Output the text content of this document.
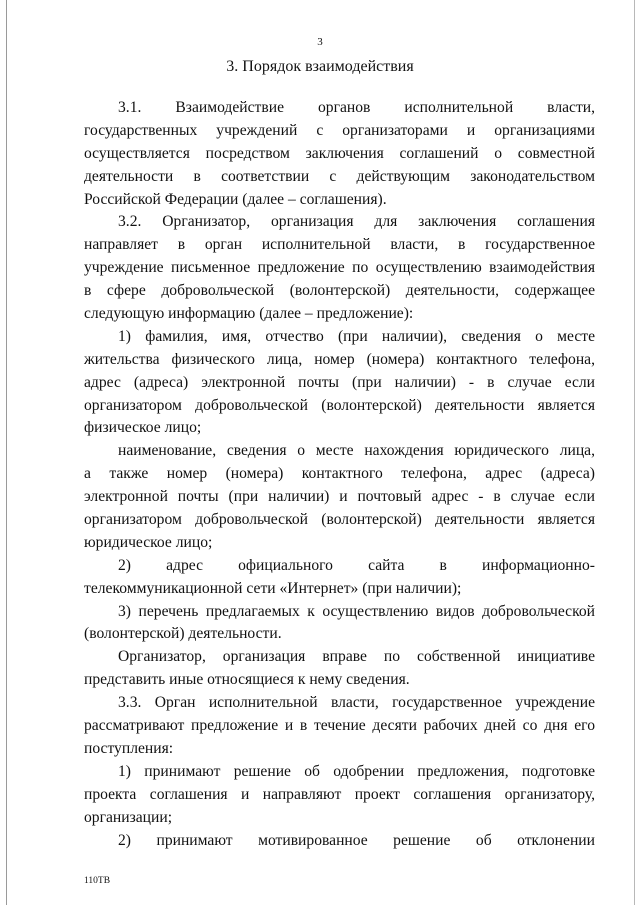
3
3. Порядок взаимодействия
3.1. Взаимодействие органов исполнительной власти,
государственных учреждений с организаторами и организациями
осуществляется посредством заключения соглашений о совместной
деятельности в соответствии с действующим законодательством
Российской Федерации (далее – соглашения).
3.2. Организатор, организация для заключения соглашения
направляет в орган исполнительной власти, в государственное
учреждение письменное предложение по осуществлению взаимодействия
в сфере добровольческой (волонтерской) деятельности, содержащее
следующую информацию (далее – предложение):
1) фамилия, имя, отчество (при наличии), сведения о месте
жительства физического лица, номер (номера) контактного телефона,
адрес (адреса) электронной почты (при наличии) - в случае если
организатором добровольческой (волонтерской) деятельности является
физическое лицо;
наименование, сведения о месте нахождения юридического лица,
а также номер (номера) контактного телефона, адрес (адреса)
электронной почты (при наличии) и почтовый адрес - в случае если
организатором добровольческой (волонтерской) деятельности является
юридическое лицо;
2) адрес официального сайта в информационно-
телекоммуникационной сети «Интернет» (при наличии);
3) перечень предлагаемых к осуществлению видов добровольческой
(волонтерской) деятельности.
Организатор, организация вправе по собственной инициативе
представить иные относящиеся к нему сведения.
3.3. Орган исполнительной власти, государственное учреждение
рассматривают предложение и в течение десяти рабочих дней со дня его
поступления:
1) принимают решение об одобрении предложения, подготовке
проекта соглашения и направляют проект соглашения организатору,
организации;
2) принимают мотивированное решение об отклонении
110ТВ
